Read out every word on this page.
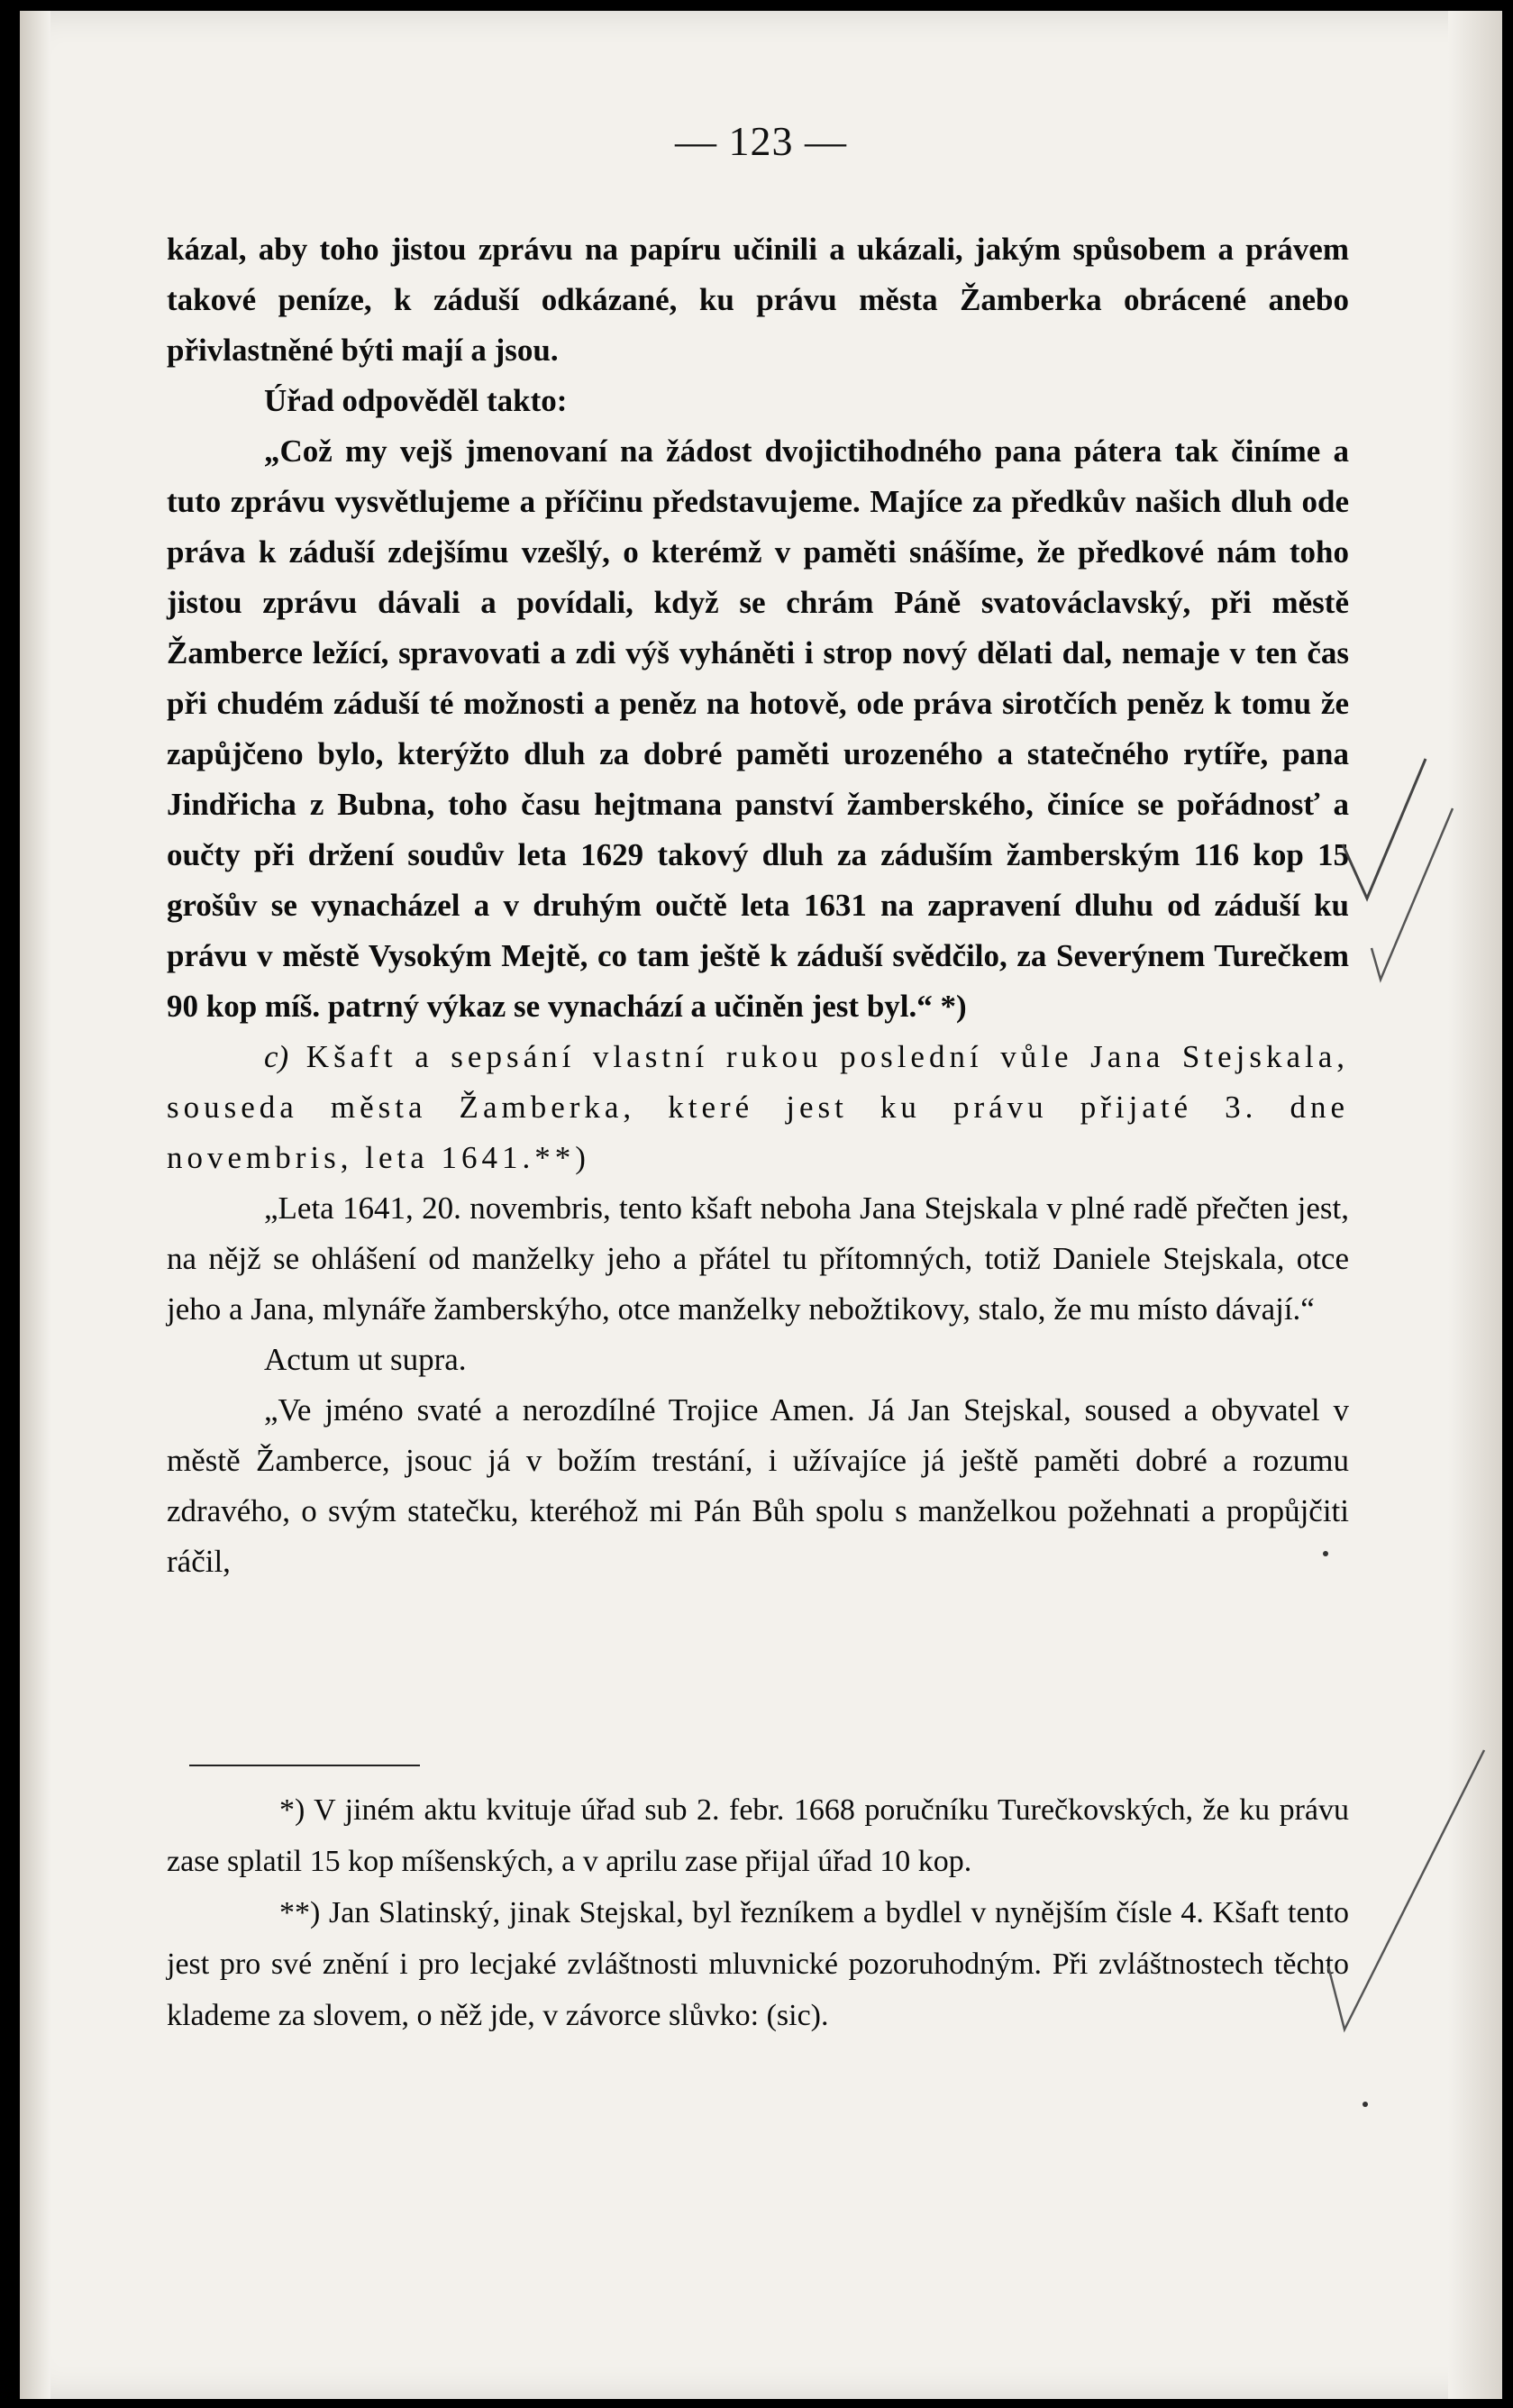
— 123 —

kázal, aby toho jistou zprávu na papíru učinili a ukázali, jakým spůsobem a právem takové peníze, k záduší odkázané, ku právu města Žamberka obrácené anebo přivlastněné býti mají a jsou.

Úřad odpověděl takto:

„Což my vejš jmenovaní na žádost dvojictihodného pana pátera tak činíme a tuto zprávu vysvětlujeme a příčinu představujeme. Majíce za předkův našich dluh ode práva k záduší zdejšímu vzešlý, o kterémž v paměti snášíme, že předkové nám toho jistou zprávu dávali a povídali, když se chrám Páně svatováclavský, při městě Žamberce ležící, spravovati a zdi výš vyháněti i strop nový dělati dal, nemaje v ten čas při chudém záduší té možnosti a peněz na hotově, ode práva sirotčích peněz k tomu že zapůjčeno bylo, kterýžto dluh za dobré paměti urozeného a statečného rytíře, pana Jindřicha z Bubna, toho času hejtmana panství žamberského, činíce se pořádnosť a oučty při držení soudův leta 1629 takový dluh za záduším žamberským 116 kop 15 grošův se vynacházel a v druhým oučtě leta 1631 na zapravení dluhu od záduší ku právu v městě Vysokým Mejtě, co tam ještě k záduší svědčilo, za Severýnem Turečkem 90 kop míš. patrný výkaz se vynachází a učiněn jest byl.“ *)

c) Kšaft a sepsání vlastní rukou poslední vůle Jana Stejskala, souseda města Žamberka, které jest ku právu přijaté 3. dne novembris, leta 1641.**)

„Leta 1641, 20. novembris, tento kšaft neboha Jana Stejskala v plné radě přečten jest, na nějž se ohlášení od manželky jeho a přátel tu přítomných, totiž Daniele Stejskala, otce jeho a Jana, mlynáře žamberskýho, otce manželky nebožtikovy, stalo, že mu místo dávají.“

Actum ut supra.

„Ve jméno svaté a nerozdílné Trojice Amen. Já Jan Stejskal, soused a obyvatel v městě Žamberce, jsouc já v božím trestání, i užívajíce já ještě paměti dobré a rozumu zdravého, o svým statečku, kteréhož mi Pán Bůh spolu s manželkou požehnati a propůjčiti ráčil,

*) V jiném aktu kvituje úřad sub 2. febr. 1668 poručníku Turečkovských, že ku právu zase splatil 15 kop míšenských, a v aprilu zase přijal úřad 10 kop.

**) Jan Slatinský, jinak Stejskal, byl řezníkem a bydlel v nynějším čísle 4. Kšaft tento jest pro své znění i pro lecjaké zvláštnosti mluvnické pozoruhodným. Při zvláštnostech těchto klademe za slovem, o něž jde, v závorce slůvko: (sic).
